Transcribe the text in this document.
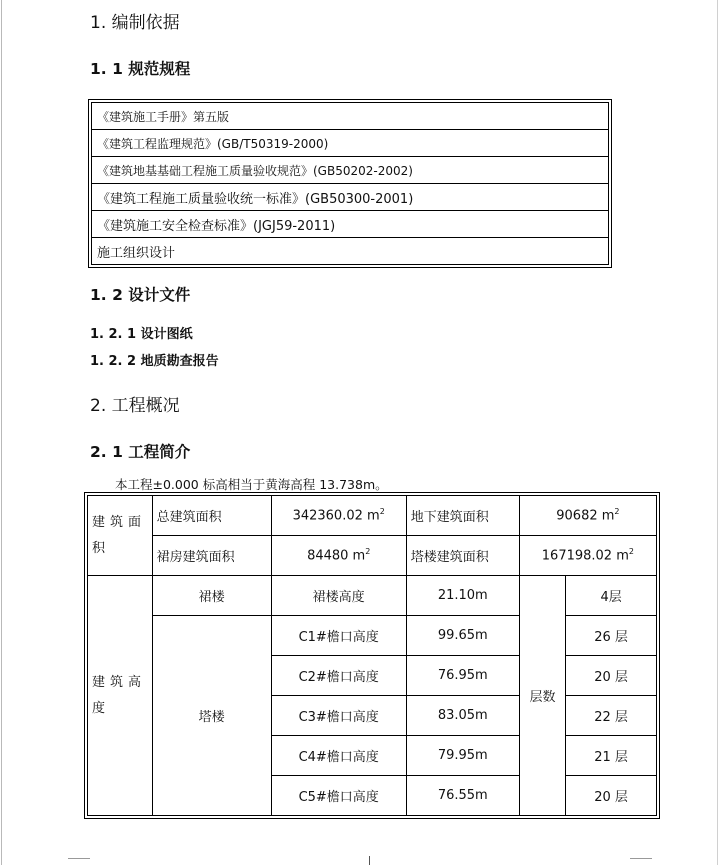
1. 编制依据
1. 1 规范规程
《建筑施工手册》第五版
《建筑工程监理规范》(GB/T50319-2000)
《建筑地基基础工程施工质量验收规范》(GB50202-2002)
《建筑工程施工质量验收统一标准》(GB50300-2001)
《建筑施工安全检查标准》(JGJ59-2011)
施工组织设计
1. 2 设计文件
1. 2. 1 设计图纸
1. 2. 2 地质勘查报告
2. 工程概况
2. 1 工程简介

本工程±0.000 标高相当于黄海高程 13.738m。

建筑面积	总建筑面积	342360.02 $m^2$	地下建筑面积	90682 $m^2$
	裙房建筑面积	84480 $m^2$	塔楼建筑面积	167198.02 $m^2$
建筑高度	裙楼	裙楼高度	21.10m	层数	4层
	塔楼	C1#檐口高度	99.65m		26 层
		C2#檐口高度	76.95m		20 层
		C3#檐口高度	83.05m		22 层
		C4#檐口高度	79.95m		21 层
		C5#檐口高度	76.55m		20 层
